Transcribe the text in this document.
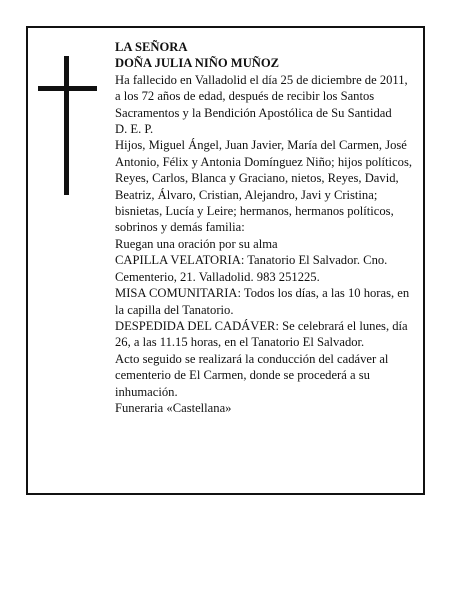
LA SEÑORA

DOÑA JULIA NIÑO MUÑOZ

Ha fallecido en Valladolid el día 25 de diciembre de 2011, a los 72 años de edad, después de recibir los Santos Sacramentos y la Bendición Apostólica de Su Santidad

D. E. P.

Hijos, Miguel Ángel, Juan Javier, María del Carmen, José Antonio, Félix y Antonia Domínguez Niño; hijos políticos, Reyes, Carlos, Blanca y Graciano, nietos, Reyes, David, Beatriz, Álvaro, Cristian, Alejandro, Javi y Cristina; bisnietas, Lucía y Leire; hermanos, hermanos políticos, sobrinos y demás familia:

Ruegan una oración por su alma

CAPILLA VELATORIA: Tanatorio El Salvador. Cno. Cementerio, 21. Valladolid. 983 251225.

MISA COMUNITARIA: Todos los días, a las 10 horas, en la capilla del Tanatorio.

DESPEDIDA DEL CADÁVER: Se celebrará el lunes, día 26, a las 11.15 horas, en el Tanatorio El Salvador.

Acto seguido se realizará la conducción del cadáver al cementerio de El Carmen, donde se procederá a su inhumación.

Funeraria «Castellana»
